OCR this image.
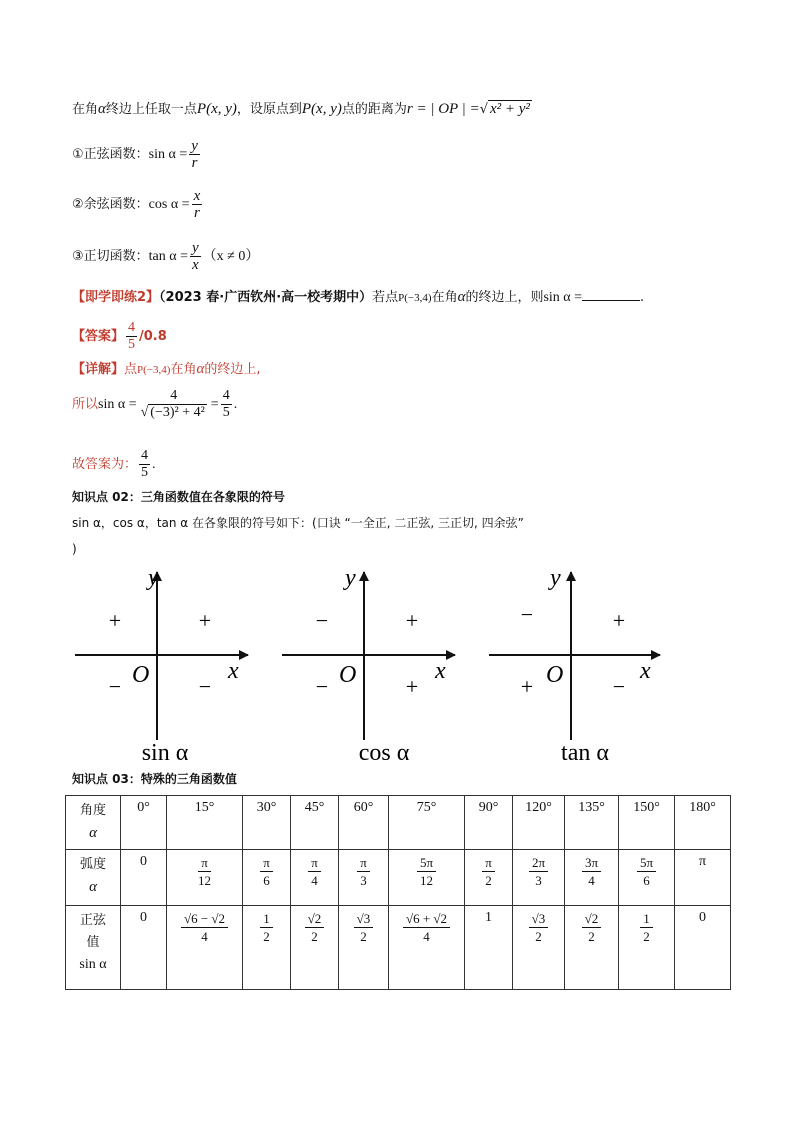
在角α终边上任取一点P(x, y)，设原点到P(x, y)点的距离为r = | OP | =√ x² + y²
①正弦函数：$\sin \alpha = \frac{y}{r}$
②余弦函数：$\cos \alpha = \frac{x}{r}$
③正切函数：$\tan \alpha = \frac{y}{x} (x \ne 0)$
【即学即练2】（2023 春·广西钦州·高一校考期中）若点P(−3,4)在角α的终边上，则sin α =	.
【答案】 $\frac{4}{5} /0.8$
【详解】点P(−3,4)在角α的终边上,
所以$\sin \alpha = \frac{4}{\text{√ (−3)² + 4²}} = \frac{4}{5}$ .
故答案为： $\frac{4}{5}$ .
知识点 02：三角函数值在各象限的符号
sin α，cos α，tan α 在各象限的符号如下：(口诀 “一全正, 二正弦, 三正切, 四余弦”
)
y
x
O
+
+
−	−
sin α
y
x
O
+
−
−	+
cos α
y
x
O
+
−
+	−
tan α
知识点 03：特殊的三角函数值
角度
α	0°	15°	30°	45°	60°	75°	90°	120°	135°	150°	180°
弧度
α	0	$\frac{\pi}{12}$	$\frac{\pi}{6}$	$\frac{\pi}{4}$	$\frac{\pi}{3}$	$\frac{5\pi}{12}$	$\frac{\pi}{2}$	$\frac{2\pi}{3}$	$\frac{3\pi}{4}$	$\frac{5\pi}{6}$	π
正弦
值
sin α	0	$\frac{√6 - √2}{4}$	$\frac{1}{2}$	$\frac{√2}{2}$	$\frac{√3}{2}$	$\frac{√6 + √2}{4}$	1	$\frac{√3}{2}$	$\frac{√2}{2}$	$\frac{1}{2}$	0
